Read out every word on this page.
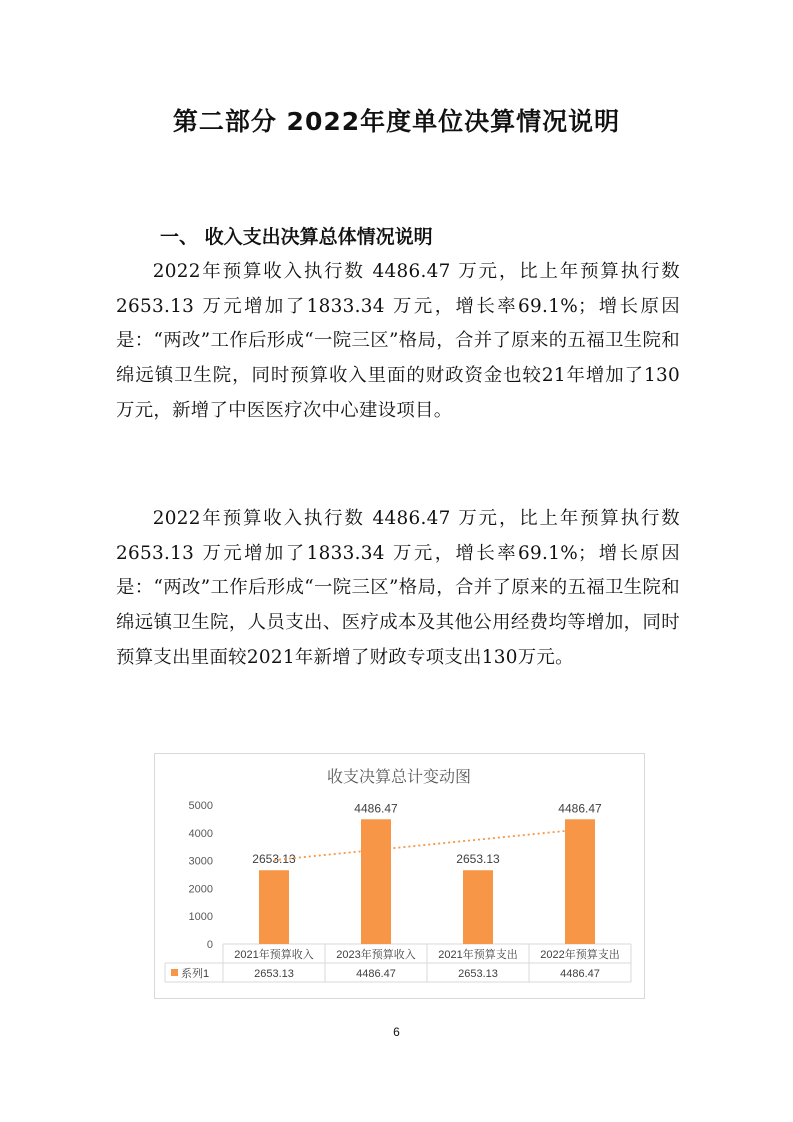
第二部分 2022年度单位决算情况说明
一、 收入支出决算总体情况说明
2022年预算收入执行数 4486.47 万元，比上年预算执行数2653.13 万元增加了1833.34 万元，增长率69.1%；增长原因是：“两改”工作后形成“一院三区”格局，合并了原来的五福卫生院和绵远镇卫生院，同时预算收入里面的财政资金也较21年增加了130万元，新增了中医医疗次中心建设项目。
2022年预算收入执行数 4486.47 万元，比上年预算执行数2653.13 万元增加了1833.34 万元，增长率69.1%；增长原因是：“两改”工作后形成“一院三区”格局，合并了原来的五福卫生院和绵远镇卫生院，人员支出、医疗成本及其他公用经费均等增加，同时预算支出里面较2021年新增了财政专项支出130万元。
收支决算总计变动图
5000
4000
3000
2000
1000
0
2653.13
4486.47
2653.13
4486.47
2021年预算收入
2653.13
2023年预算收入
4486.47
2021年预算支出
2653.13
2022年预算支出
4486.47
系列1
6
